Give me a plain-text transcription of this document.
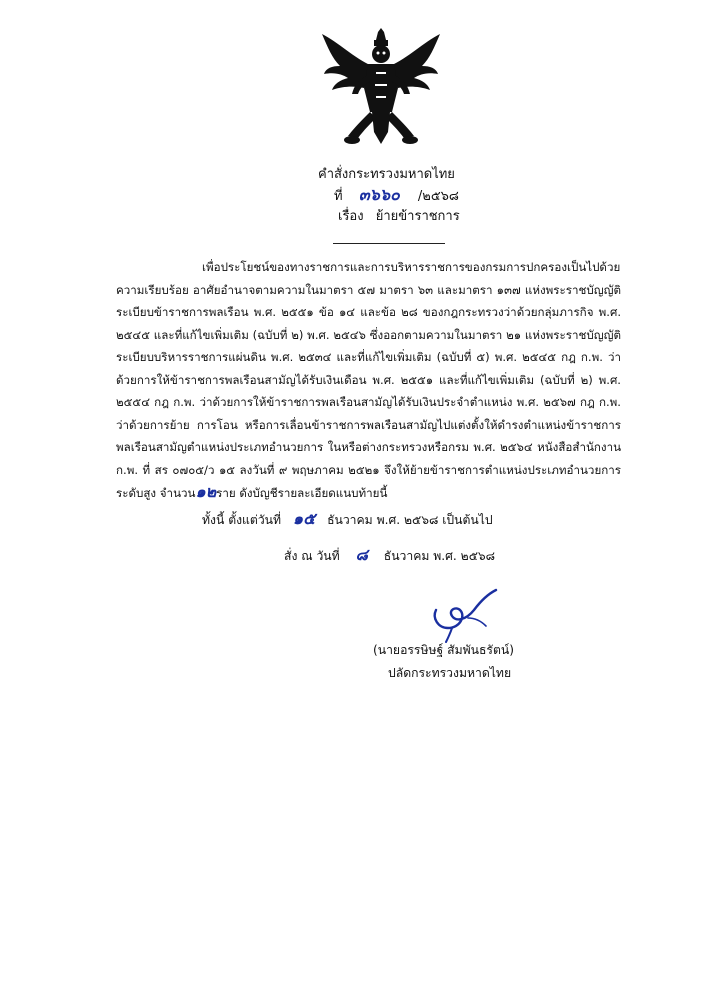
คำสั่งกระทรวงมหาดไทย
ที่ ๓๖๖๐ /๒๕๖๘
เรื่อง ย้ายข้าราชการ
เพื่อประโยชน์ของทางราชการและการบริหารราชการของกรมการปกครองเป็นไปด้วยความเรียบร้อย อาศัยอำนาจตามความในมาตรา ๕๗ มาตรา ๖๓ และมาตรา ๑๓๗ แห่งพระราชบัญญัติระเบียบข้าราชการพลเรือน พ.ศ. ๒๕๕๑ ข้อ ๑๔ และข้อ ๒๘ ของกฎกระทรวงว่าด้วยกลุ่มภารกิจ พ.ศ. ๒๕๔๕ และที่แก้ไขเพิ่มเติม (ฉบับที่ ๒) พ.ศ. ๒๕๔๖ ซึ่งออกตามความในมาตรา ๒๑ แห่งพระราชบัญญัติระเบียบบริหารราชการแผ่นดิน พ.ศ. ๒๕๓๔ และที่แก้ไขเพิ่มเติม (ฉบับที่ ๕) พ.ศ. ๒๕๔๕ กฎ ก.พ. ว่าด้วยการให้ข้าราชการพลเรือนสามัญได้รับเงินเดือน พ.ศ. ๒๕๕๑ และที่แก้ไขเพิ่มเติม (ฉบับที่ ๒) พ.ศ. ๒๕๕๔ กฎ ก.พ. ว่าด้วยการให้ข้าราชการพลเรือนสามัญได้รับเงินประจำตำแหน่ง พ.ศ. ๒๕๖๗ กฎ ก.พ. ว่าด้วยการย้าย การโอน หรือการเลื่อนข้าราชการพลเรือนสามัญไปแต่งตั้งให้ดำรงตำแหน่งข้าราชการพลเรือนสามัญตำแหน่งประเภทอำนวยการ ในหรือต่างกระทรวงหรือกรม พ.ศ. ๒๕๖๔ หนังสือสำนักงาน ก.พ. ที่ สร ๐๗๐๕/ว ๑๕ ลงวันที่ ๙ พฤษภาคม ๒๕๒๑ จึงให้ย้ายข้าราชการตำแหน่งประเภทอำนวยการ ระดับสูง จำนวน๑๒ราย ดังบัญชีรายละเอียดแนบท้ายนี้
ทั้งนี้ ตั้งแต่วันที่ ๑๕ ธันวาคม พ.ศ. ๒๕๖๘ เป็นต้นไป
สั่ง ณ วันที่ ๘ ธันวาคม พ.ศ. ๒๕๖๘
(นายอรรษิษฐ์ สัมพันธรัตน์)
ปลัดกระทรวงมหาดไทย
